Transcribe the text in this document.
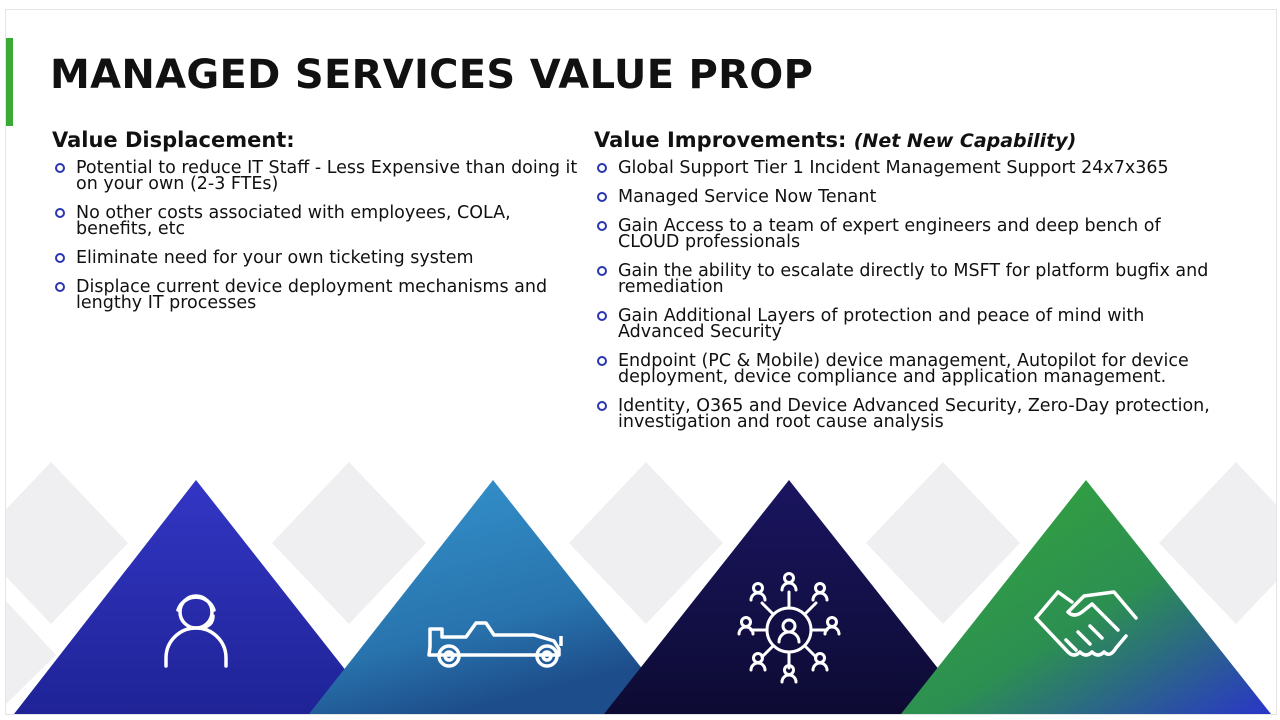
MANAGED SERVICES VALUE PROP
Value Displacement:
Potential to reduce IT Staff - Less Expensive than doing it on your own (2-3 FTEs)
No other costs associated with employees, COLA, benefits, etc
Eliminate need for your own ticketing system
Displace current device deployment mechanisms and lengthy IT processes
Value Improvements: (Net New Capability)
Global Support Tier 1 Incident Management Support 24x7x365
Managed Service Now Tenant
Gain Access to a team of expert engineers and deep bench of CLOUD professionals
Gain the ability to escalate directly to MSFT for platform bugfix and remediation
Gain Additional Layers of protection and peace of mind with Advanced Security
Endpoint (PC & Mobile) device management, Autopilot for device deployment, device compliance and application management.
Identity, O365 and Device Advanced Security, Zero-Day protection, investigation and root cause analysis
